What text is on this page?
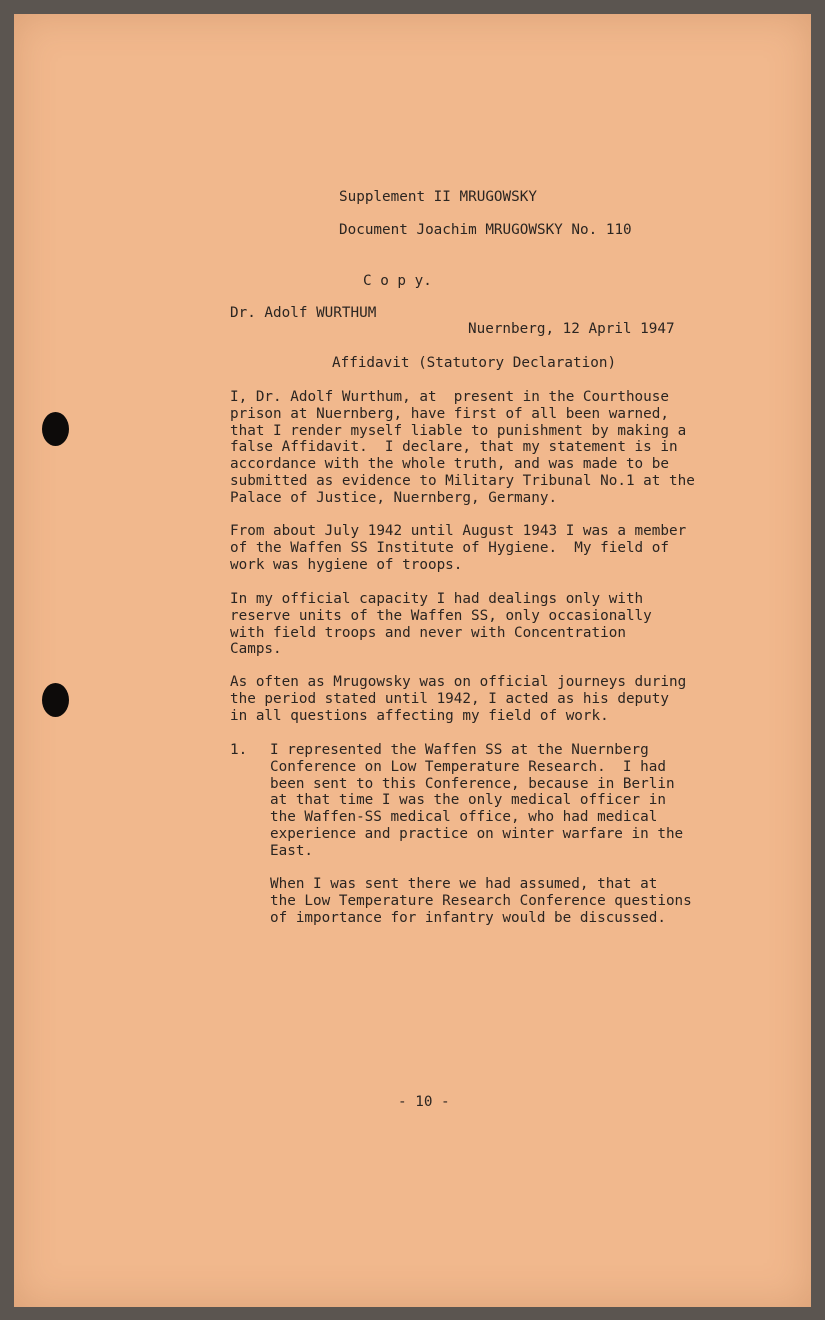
Supplement II MRUGOWSKY
Document Joachim MRUGOWSKY No. 110
C o p y.
Dr. Adolf WURTHUM
Nuernberg, 12 April 1947
Affidavit (Statutory Declaration)

I, Dr. Adolf Wurthum, at  present in the Courthouse
prison at Nuernberg, have first of all been warned,
that I render myself liable to punishment by making a
false Affidavit.  I declare, that my statement is in
accordance with the whole truth, and was made to be
submitted as evidence to Military Tribunal No.1 at the
Palace of Justice, Nuernberg, Germany.

From about July 1942 until August 1943 I was a member
of the Waffen SS Institute of Hygiene.  My field of
work was hygiene of troops.

In my official capacity I had dealings only with
reserve units of the Waffen SS, only occasionally
with field troops and never with Concentration
Camps.

As often as Mrugowsky was on official journeys during
the period stated until 1942, I acted as his deputy
in all questions affecting my field of work.

1. I represented the Waffen SS at the Nuernberg
Conference on Low Temperature Research.  I had
been sent to this Conference, because in Berlin
at that time I was the only medical officer in
the Waffen-SS medical office, who had medical
experience and practice on winter warfare in the
East.

When I was sent there we had assumed, that at
the Low Temperature Research Conference questions
of importance for infantry would be discussed.

- 10 -
